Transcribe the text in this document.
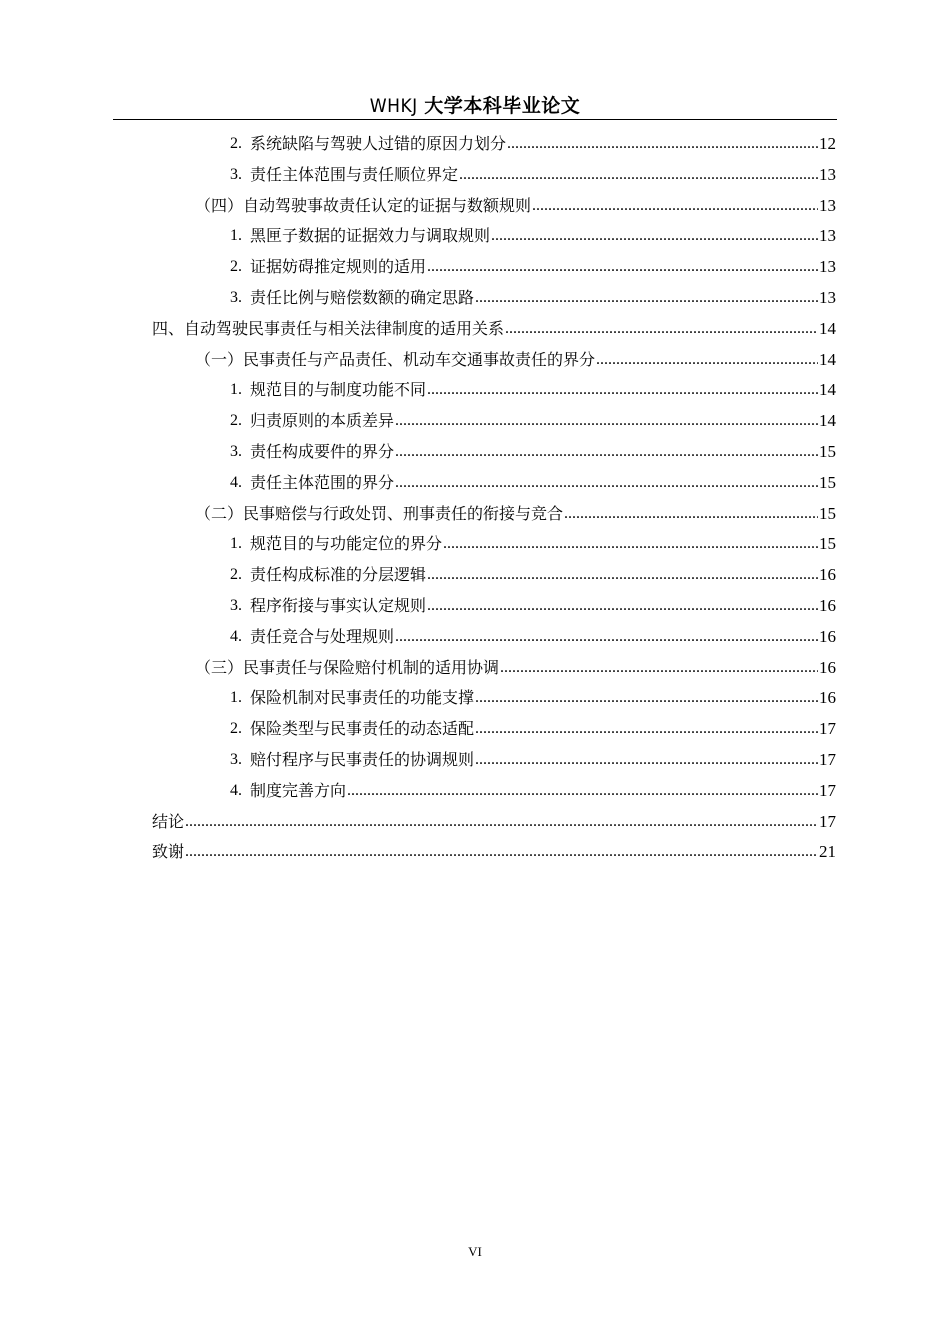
WHKJ 大学本科毕业论文
2. 系统缺陷与驾驶人过错的原因力划分 .....	12
3. 责任主体范围与责任顺位界定 .....	13
（四）自动驾驶事故责任认定的证据与数额规则 .....	13
1. 黑匣子数据的证据效力与调取规则 .....	13
2. 证据妨碍推定规则的适用 .....	13
3. 责任比例与赔偿数额的确定思路 .....	13
四、自动驾驶民事责任与相关法律制度的适用关系 .....	14
（一）民事责任与产品责任、机动车交通事故责任的界分 .....	14
1. 规范目的与制度功能不同 .....	14
2. 归责原则的本质差异 .....	14
3. 责任构成要件的界分 .....	15
4. 责任主体范围的界分 .....	15
（二）民事赔偿与行政处罚、刑事责任的衔接与竞合 .....	15
1. 规范目的与功能定位的界分 .....	15
2. 责任构成标准的分层逻辑 .....	16
3. 程序衔接与事实认定规则 .....	16
4. 责任竞合与处理规则 .....	16
（三）民事责任与保险赔付机制的适用协调 .....	16
1. 保险机制对民事责任的功能支撑 .....	16
2. 保险类型与民事责任的动态适配 .....	17
3. 赔付程序与民事责任的协调规则 .....	17
4. 制度完善方向 .....	17
结论 .....	17
致谢 .....	21
VI
